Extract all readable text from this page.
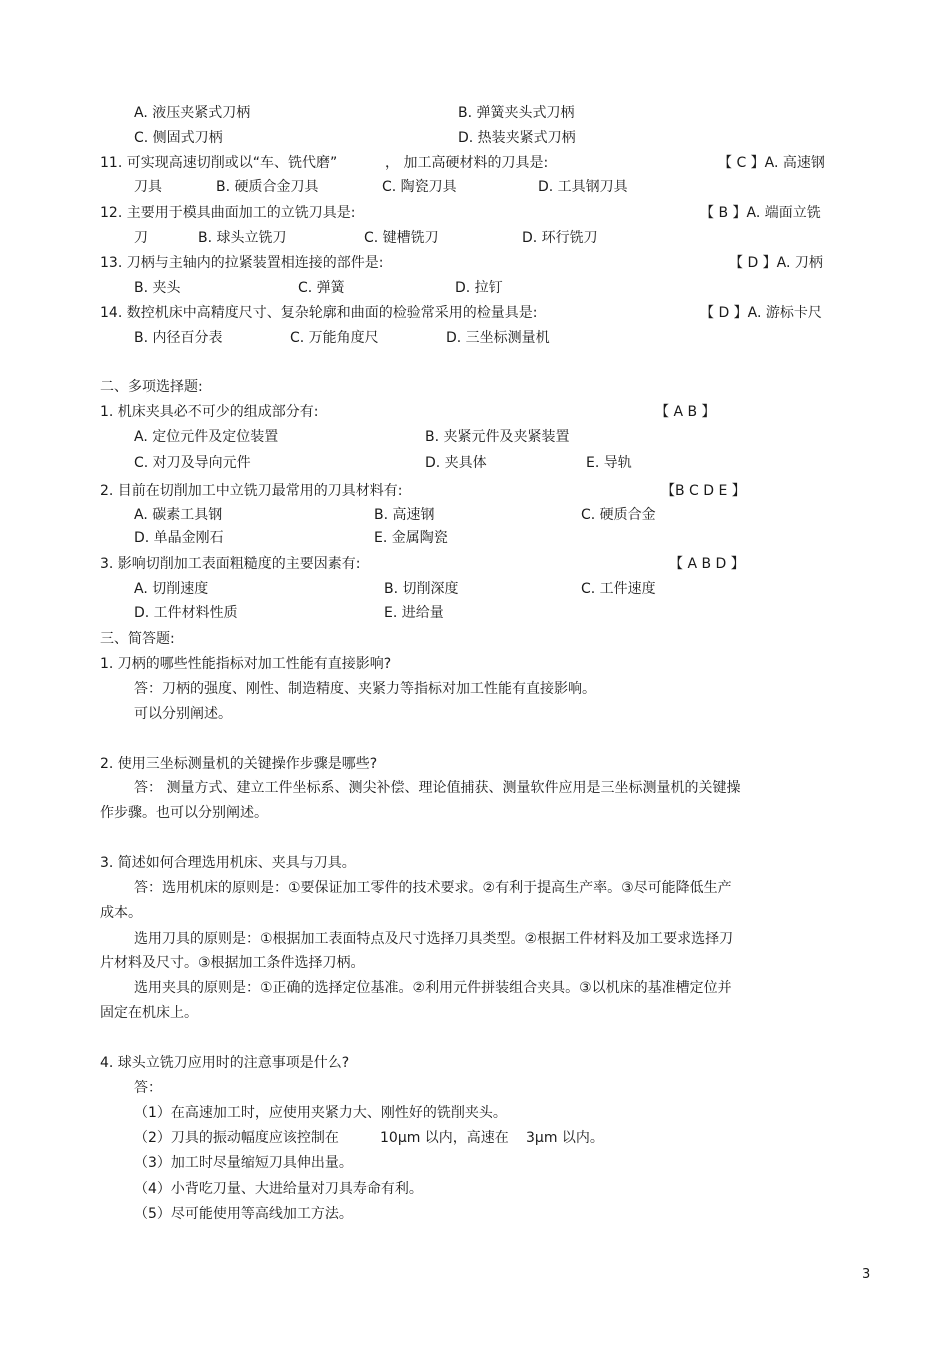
A. 液压夹紧式刀柄	B. 弹簧夹头式刀柄
C. 侧固式刀柄	D. 热装夹紧式刀柄
11. 可实现高速切削或以“车、铣代磨”	， 加工高硬材料的刀具是:	【 C 】A. 高速钢
刀具	B. 硬质合金刀具	C. 陶瓷刀具	D. 工具钢刀具
12. 主要用于模具曲面加工的立铣刀具是:	【 B 】A. 端面立铣
刀	B. 球头立铣刀	C. 键槽铣刀	D. 环行铣刀
13. 刀柄与主轴内的拉紧装置相连接的部件是:	【 D 】A. 刀柄
B. 夹头	C. 弹簧	D. 拉钉
14. 数控机床中高精度尺寸、复杂轮廓和曲面的检验常采用的检量具是:	【 D 】A. 游标卡尺
B. 内径百分表	C. 万能角度尺	D. 三坐标测量机
二、多项选择题:
1. 机床夹具必不可少的组成部分有:	【 A B 】
A. 定位元件及定位装置	B. 夹紧元件及夹紧装置
C. 对刀及导向元件	D. 夹具体	E. 导轨
2. 目前在切削加工中立铣刀最常用的刀具材料有:	【B C D E 】
A. 碳素工具钢	B. 高速钢	C. 硬质合金
D. 单晶金刚石	E. 金属陶瓷
3. 影响切削加工表面粗糙度的主要因素有:	【 A B D 】
A. 切削速度	B. 切削深度	C. 工件速度
D. 工件材料性质	E. 进给量
三、简答题:
1. 刀柄的哪些性能指标对加工性能有直接影响?
答：刀柄的强度、刚性、制造精度、夹紧力等指标对加工性能有直接影响。
可以分别阐述。
2. 使用三坐标测量机的关键操作步骤是哪些?
答： 测量方式、建立工件坐标系、测尖补偿、理论值捕获、测量软件应用是三坐标测量机的关键操
作步骤。也可以分别阐述。
3. 简述如何合理选用机床、夹具与刀具。
答：选用机床的原则是：①要保证加工零件的技术要求。②有利于提高生产率。③尽可能降低生产
成本。
选用刀具的原则是：①根据加工表面特点及尺寸选择刀具类型。②根据工件材料及加工要求选择刀
片材料及尺寸。③根据加工条件选择刀柄。
选用夹具的原则是：①正确的选择定位基准。②利用元件拼装组合夹具。③以机床的基准槽定位并
固定在机床上。
4. 球头立铣刀应用时的注意事项是什么?
答：
（1）在高速加工时，应使用夹紧力大、刚性好的铣削夹头。
（2）刀具的振动幅度应该控制在	10μm 以内，高速在 3μm 以内。
（3）加工时尽量缩短刀具伸出量。
（4）小背吃刀量、大进给量对刀具寿命有利。
（5）尽可能使用等高线加工方法。
3
